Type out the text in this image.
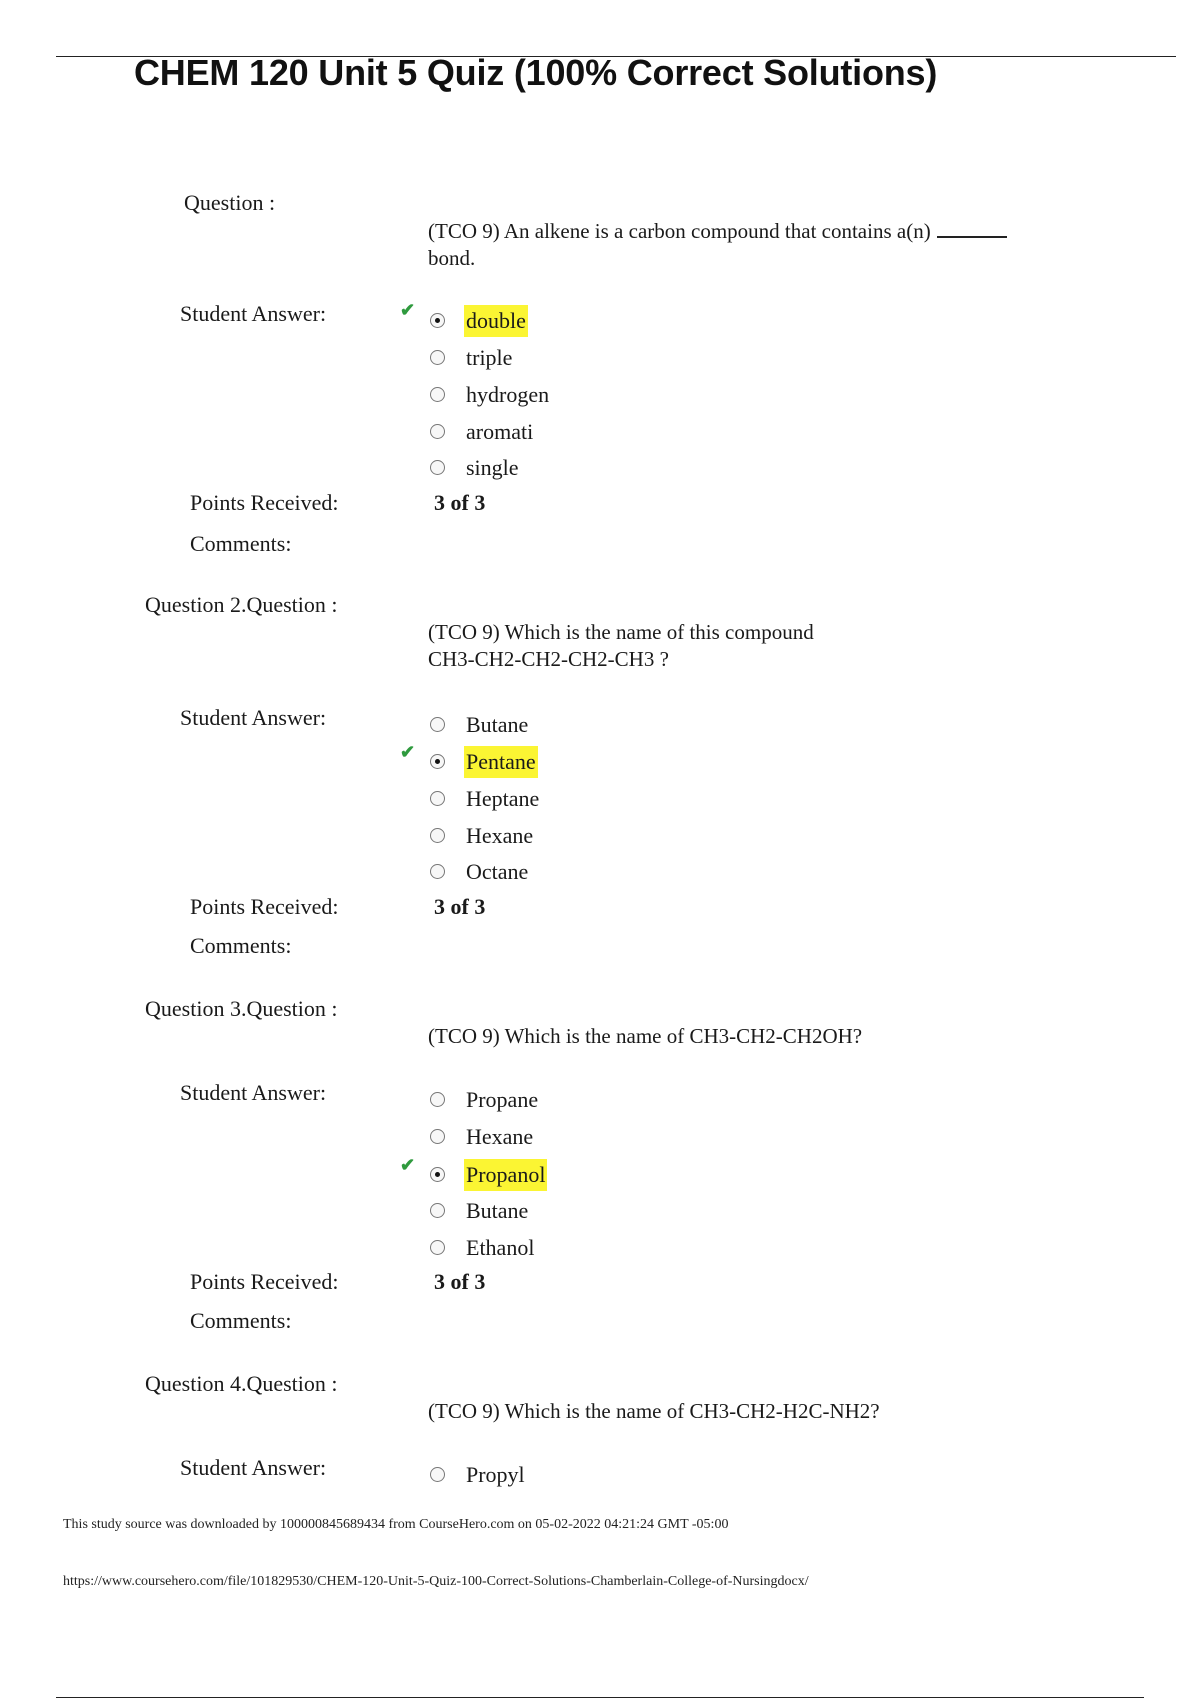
CHEM 120 Unit 5 Quiz (100% Correct Solutions)
Question :
(TCO 9) An alkene is a carbon compound that contains a(n)
bond.
Student Answer:	✔ double
triple
hydrogen
aromati
single
Points Received:	3 of 3
Comments:
Question 2.Question :
(TCO 9) Which is the name of this compound
CH3-CH2-CH2-CH2-CH3 ?
Student Answer:	Butane
✔ Pentane
Heptane
Hexane
Octane
Points Received:	3 of 3
Comments:
Question 3.Question :
(TCO 9) Which is the name of CH3-CH2-CH2OH?
Student Answer:	Propane
Hexane
✔ Propanol
Butane
Ethanol
Points Received:	3 of 3
Comments:
Question 4.Question :
(TCO 9) Which is the name of CH3-CH2-H2C-NH2?
Student Answer:	Propyl
This study source was downloaded by 100000845689434 from CourseHero.com on 05-02-2022 04:21:24 GMT -05:00
https://www.coursehero.com/file/101829530/CHEM-120-Unit-5-Quiz-100-Correct-Solutions-Chamberlain-College-of-Nursingdocx/
